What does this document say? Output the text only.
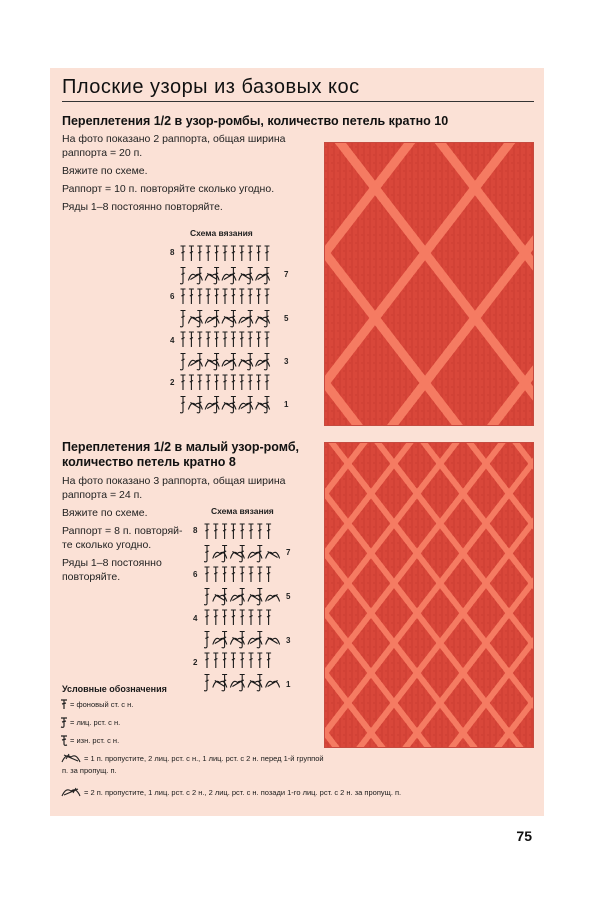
Плоские узоры из базовых кос
Переплетения 1/2 в узор-ромбы, количество петель кратно 10
На фото показано 2 раппорта, общая ширина
раппорта = 20 п.
Вяжите по схеме.
Раппорт = 10 п. повторяйте сколько угодно.
Ряды 1–8 постоянно повторяйте.
Схема вязания
8
7
6
5
4
3
2
1
Переплетения 1/2 в малый узор-ромб,
количество петель кратно 8
На фото показано 3 раппорта, общая ширина
раппорта = 24 п.
Вяжите по схеме.
Раппорт = 8 п. повторяй-
те сколько угодно.
Ряды 1–8 постоянно
повторяйте.
Схема вязания
8
7
6
5
4
3
2
1
Условные обозначения
= фоновый ст. с н.
= лиц. рст. с н.
= изн. рст. с н.
= 1 п. пропустите, 2 лиц. рст. с н., 1 лиц. рст. с 2 н. перед 1-й группой
п. за пропущ. п.
= 2 п. пропустите, 1 лиц. рст. с 2 н., 2 лиц. рст. с н. позади 1-го лиц. рст. с 2 н. за пропущ. п.
75
